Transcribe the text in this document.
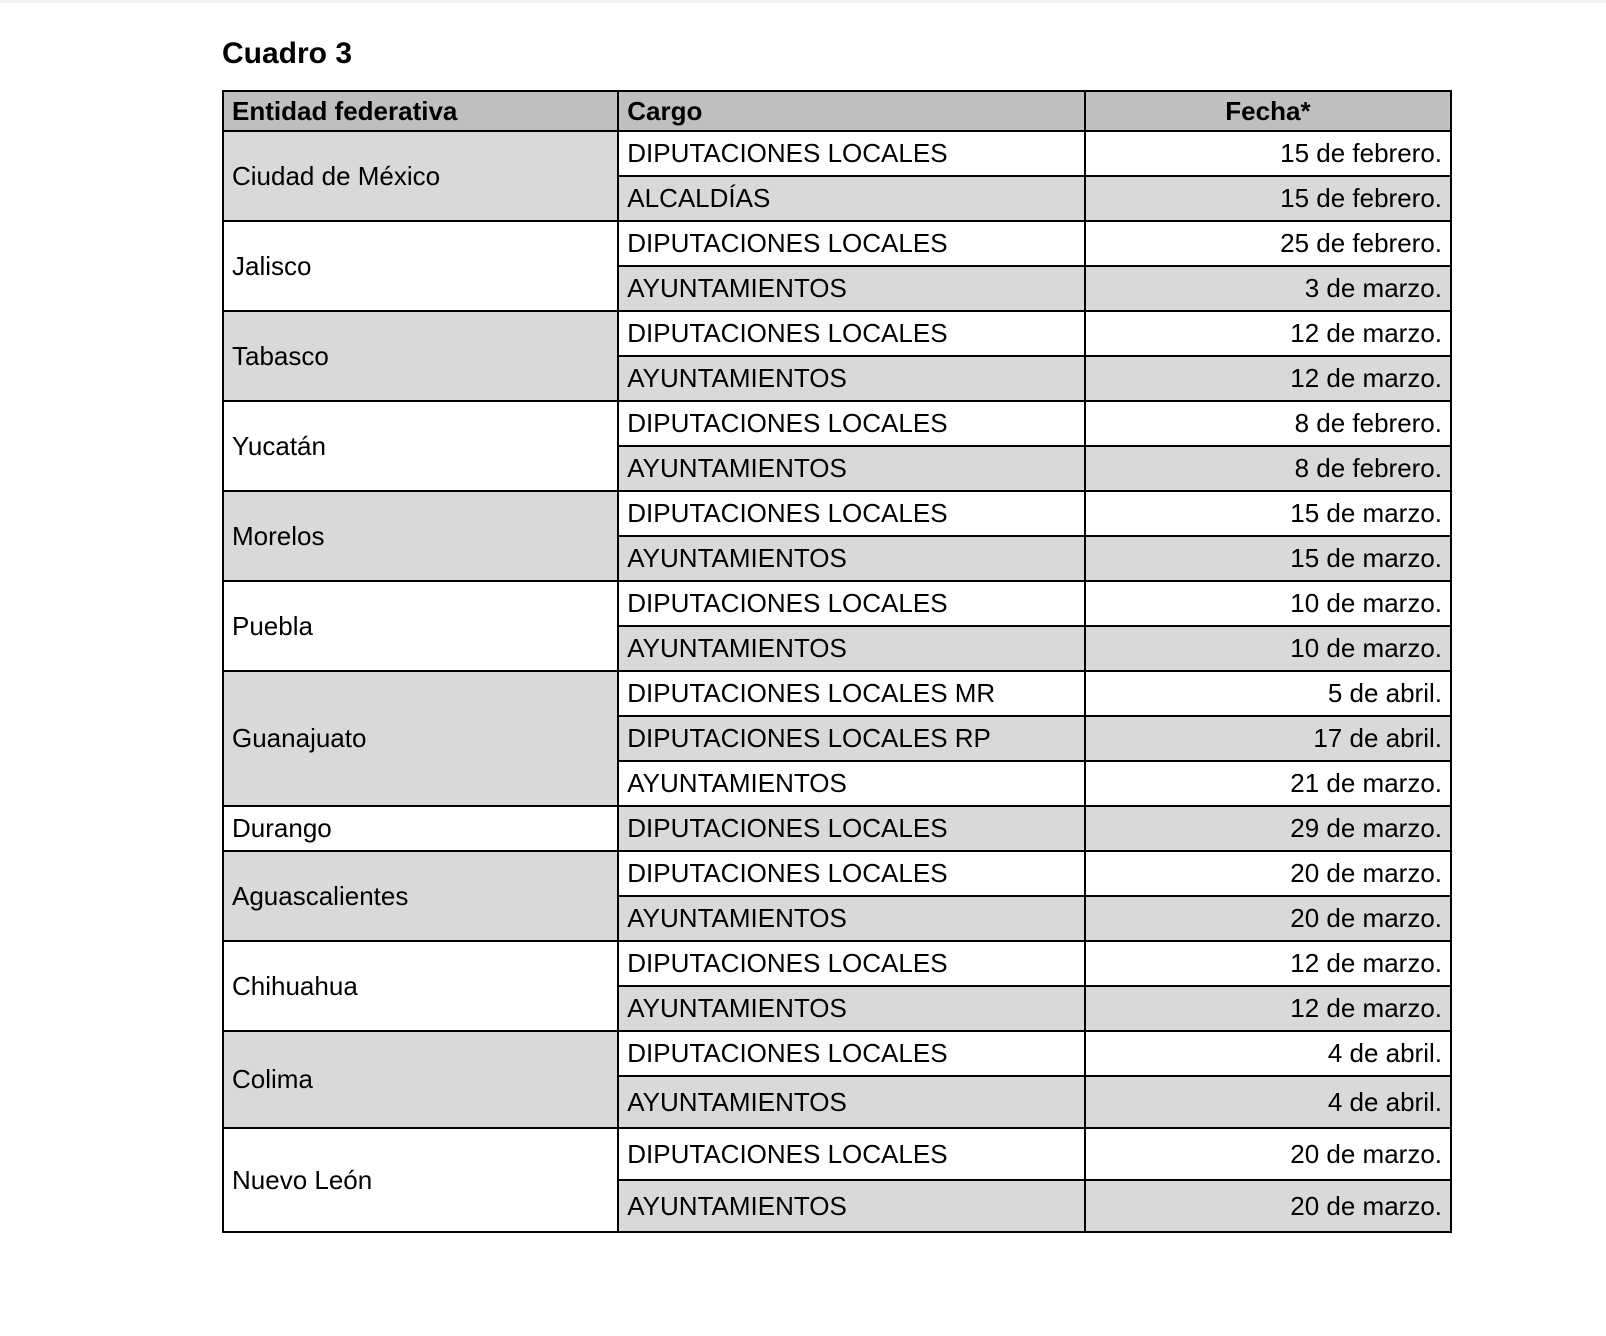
Cuadro 3
Entidad federativa	Cargo	Fecha*
Ciudad de México	DIPUTACIONES LOCALES	15 de febrero.
	ALCALDÍAS	15 de febrero.
Jalisco	DIPUTACIONES LOCALES	25 de febrero.
	AYUNTAMIENTOS	3 de marzo.
Tabasco	DIPUTACIONES LOCALES	12 de marzo.
	AYUNTAMIENTOS	12 de marzo.
Yucatán	DIPUTACIONES LOCALES	8 de febrero.
	AYUNTAMIENTOS	8 de febrero.
Morelos	DIPUTACIONES LOCALES	15 de marzo.
	AYUNTAMIENTOS	15 de marzo.
Puebla	DIPUTACIONES LOCALES	10 de marzo.
	AYUNTAMIENTOS	10 de marzo.
Guanajuato	DIPUTACIONES LOCALES MR	5 de abril.
	DIPUTACIONES LOCALES RP	17 de abril.
	AYUNTAMIENTOS	21 de marzo.
Durango	DIPUTACIONES LOCALES	29 de marzo.
Aguascalientes	DIPUTACIONES LOCALES	20 de marzo.
	AYUNTAMIENTOS	20 de marzo.
Chihuahua	DIPUTACIONES LOCALES	12 de marzo.
	AYUNTAMIENTOS	12 de marzo.
Colima	DIPUTACIONES LOCALES	4 de abril.
	AYUNTAMIENTOS	4 de abril.
Nuevo León	DIPUTACIONES LOCALES	20 de marzo.
	AYUNTAMIENTOS	20 de marzo.
